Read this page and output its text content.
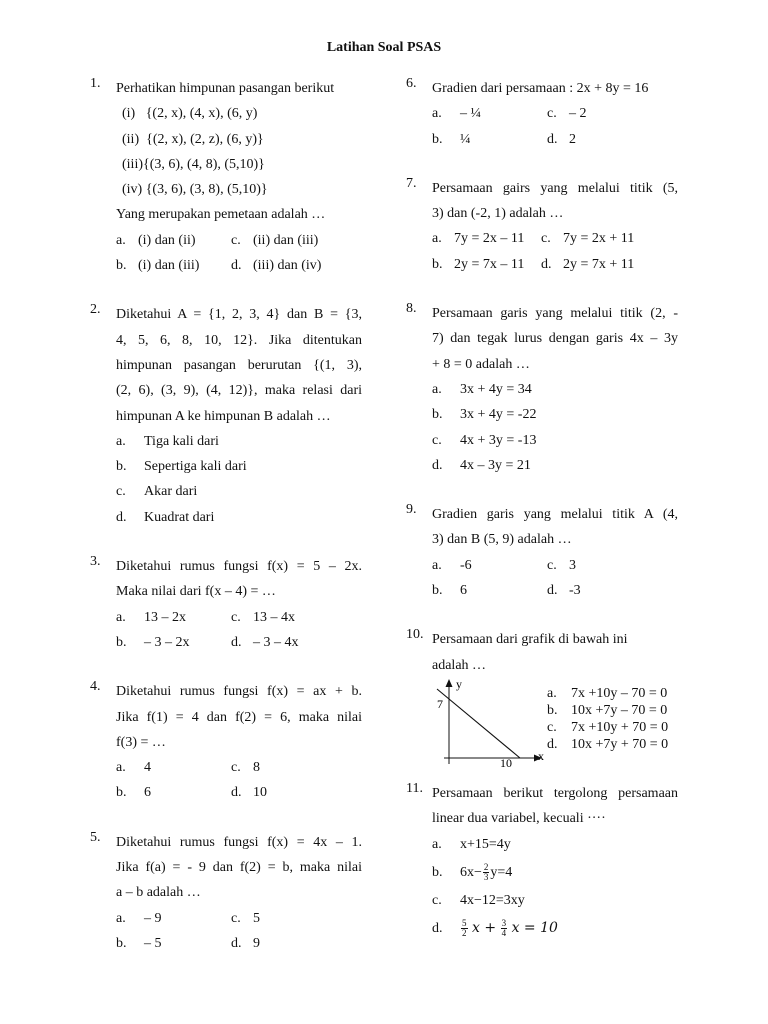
Latihan Soal PSAS
1.	Perhatikan himpunan pasangan berikut
(i)   {(2, x), (4, x), (6, y)
(ii)  {(2, x), (2, z), (6, y)}
(iii){(3, 6), (4, 8), (5,10)}
(iv) {(3, 6), (3, 8), (5,10)}
Yang merupakan pemetaan adalah …
a. (i) dan (ii)	c. (ii) dan (iii)
b. (i) dan (iii) d. (iii) dan (iv)
2.	Diketahui A = {1, 2, 3, 4} dan B = {3,
4, 5, 6, 8, 10, 12}. Jika ditentukan
himpunan pasangan berurutan {(1, 3),
(2, 6), (3, 9), (4, 12)}, maka relasi dari
himpunan A ke himpunan B adalah …
a.	Tiga kali dari
b.	Sepertiga kali dari
c.	Akar dari
d.	Kuadrat dari
3.	Diketahui rumus fungsi f(x) = 5 – 2x.
Maka nilai dari f(x – 4) = …
a.	13 – 2x	c. 13 – 4x
b.	– 3 – 2x	d. – 3 – 4x
4.	Diketahui rumus fungsi f(x) = ax + b.
Jika f(1) = 4 dan f(2) = 6, maka nilai
f(3) = …
a.	4	c. 8
b.	6	d. 10
5.	Diketahui rumus fungsi f(x) = 4x – 1.
Jika f(a) = - 9 dan f(2) = b, maka nilai
a – b adalah …
a.	– 9	c. 5
b.	– 5	d. 9
6.	Gradien dari persamaan : 2x + 8y = 16
a.	– ¼	c. – 2
b.	¼	d. 2
7.	Persamaan gairs yang melalui titik (5,
3) dan (-2, 1) adalah …
a. 7y = 2x – 11 c. 7y = 2x + 11
b. 2y = 7x – 11 d. 2y = 7x + 11
8.	Persamaan garis yang melalui titik (2, -
7) dan tegak lurus dengan garis 4x – 3y
+ 8 = 0 adalah …
a.	3x + 4y = 34
b.	3x + 4y = -22
c.	4x + 3y = -13
d.	4x – 3y = 21
9.	Gradien garis yang melalui titik A (4,
3) dan B (5, 9) adalah …
a.	-6	c. 3
b.	6	d. -3
10. Persamaan dari grafik di bawah ini
adalah …
y
7
x
10
a.	7x +10y – 70 = 0
b. 10x +7y – 70 = 0
c.	7x +10y + 70 = 0
d. 10x +7y + 70 = 0
11. Persamaan berikut tergolong persamaan
linear dua variabel, kecuali ····
a.	x+15=4y
b.	$6x- \frac{2}{3} y=4$
c.	4x−12=3xy
d.	$\frac{5}{2}$ $x + \frac{3}{4}$ x = 10
